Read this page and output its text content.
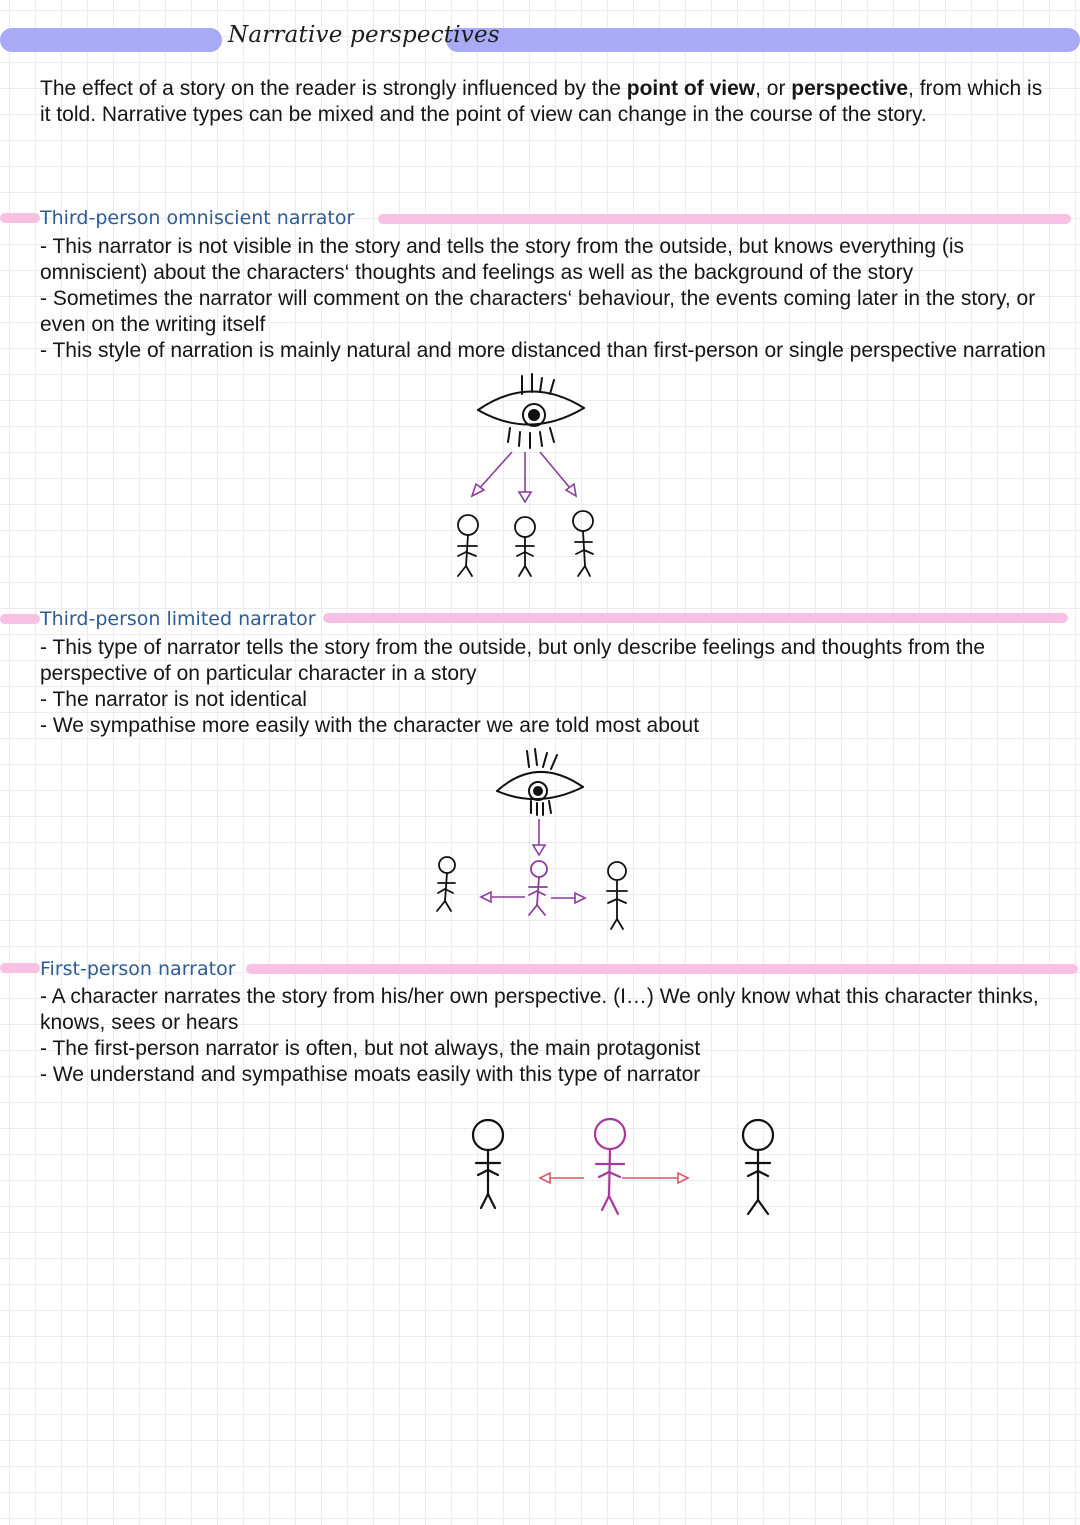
Narrative perspectives

The effect of a story on the reader is strongly influenced by the point of view, or perspective, from which is it told. Narrative types can be mixed and the point of view can change in the course of the story.

Third-person omniscient narrator
- This narrator is not visible in the story and tells the story from the outside, but knows everything (is omniscient) about the characters‘ thoughts and feelings as well as the background of the story
- Sometimes the narrator will comment on the characters‘ behaviour, the events coming later in the story, or even on the writing itself
- This style of narration is mainly natural and more distanced than first-person or single perspective narration
Third-person limited narrator
- This type of narrator tells the story from the outside, but only describe feelings and thoughts from the perspective of on particular character in a story
- The narrator is not identical
- We sympathise more easily with the character we are told most about
First-person narrator
- A character narrates the story from his/her own perspective. (I…) We only know what this character thinks, knows, sees or hears
- The first-person narrator is often, but not always, the main protagonist
- We understand and sympathise moats easily with this type of narrator
